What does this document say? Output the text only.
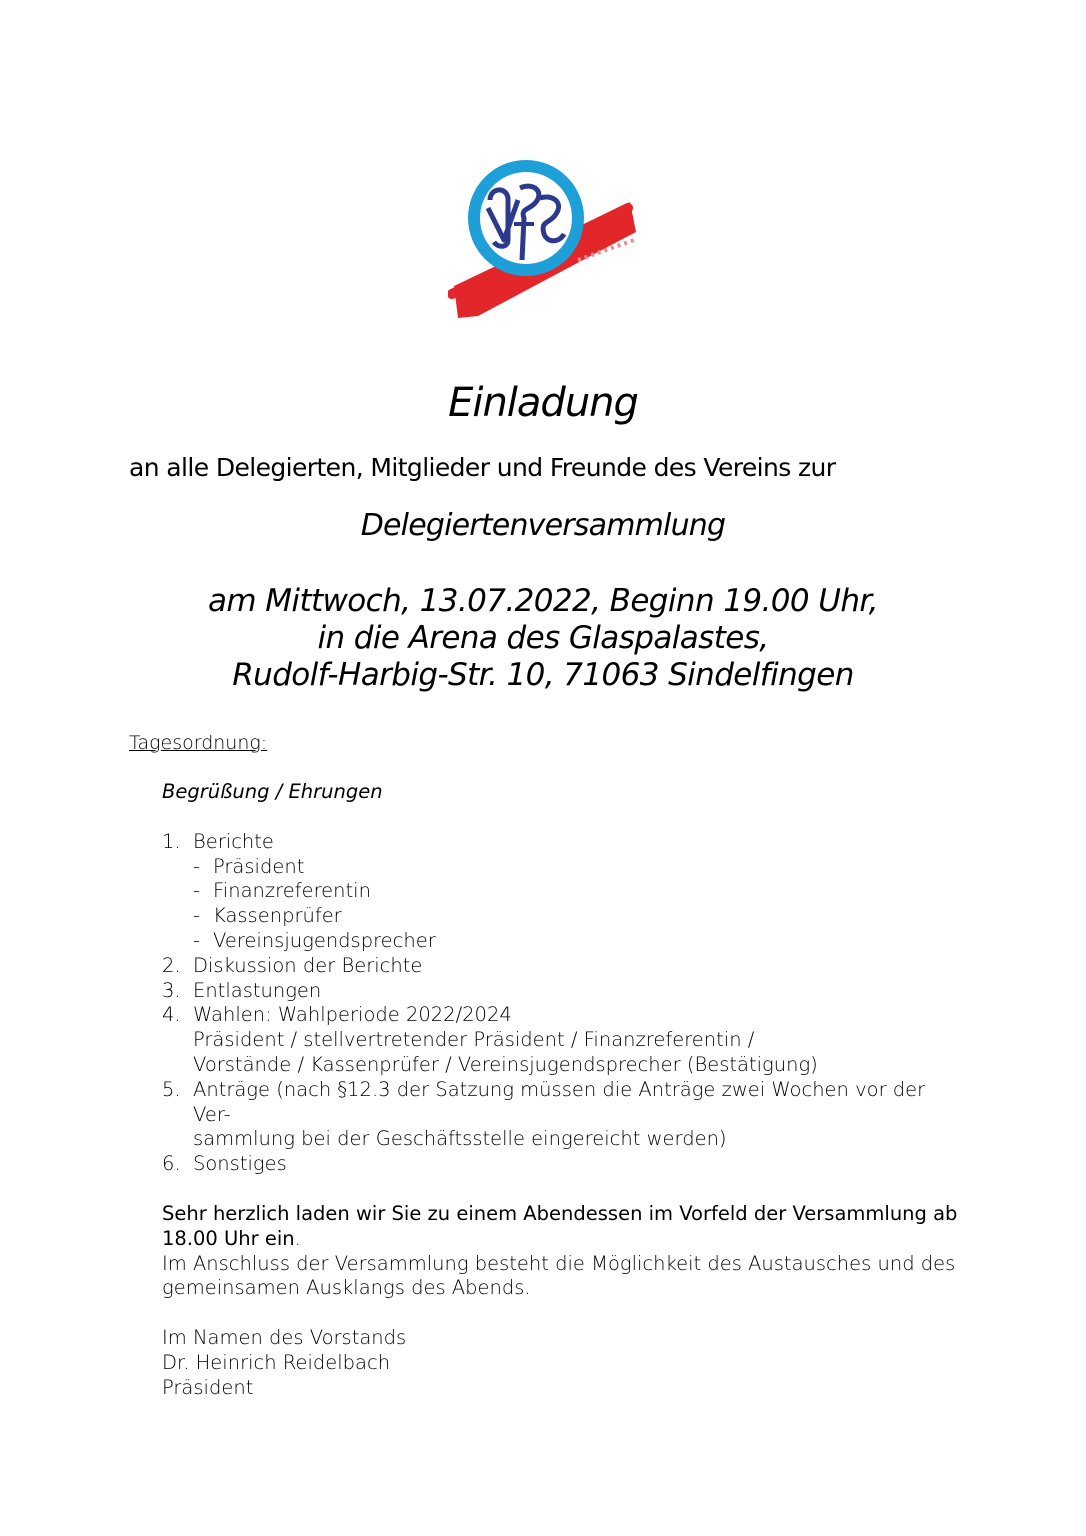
Einladung
an alle Delegierten, Mitglieder und Freunde des Vereins zur
Delegiertenversammlung
am Mittwoch, 13.07.2022, Beginn 19.00 Uhr,
in die Arena des Glaspalastes,
Rudolf-Harbig-Str. 10, 71063 Sindelfingen
Tagesordnung:
Begrüßung / Ehrungen
1. Berichte
- Präsident
- Finanzreferentin
- Kassenprüfer
- Vereinsjugendsprecher
2. Diskussion der Berichte
3. Entlastungen
4. Wahlen: Wahlperiode 2022/2024
Präsident / stellvertretender Präsident / Finanzreferentin /
Vorstände / Kassenprüfer / Vereinsjugendsprecher (Bestätigung)
5. Anträge (nach §12.3 der Satzung müssen die Anträge zwei Wochen vor der Ver-
sammlung bei der Geschäftsstelle eingereicht werden)
6. Sonstiges
Sehr herzlich laden wir Sie zu einem Abendessen im Vorfeld der Versammlung ab 18.00 Uhr ein.
Im Anschluss der Versammlung besteht die Möglichkeit des Austausches und des gemeinsamen Ausklangs des Abends.
Im Namen des Vorstands
Dr. Heinrich Reidelbach
Präsident
